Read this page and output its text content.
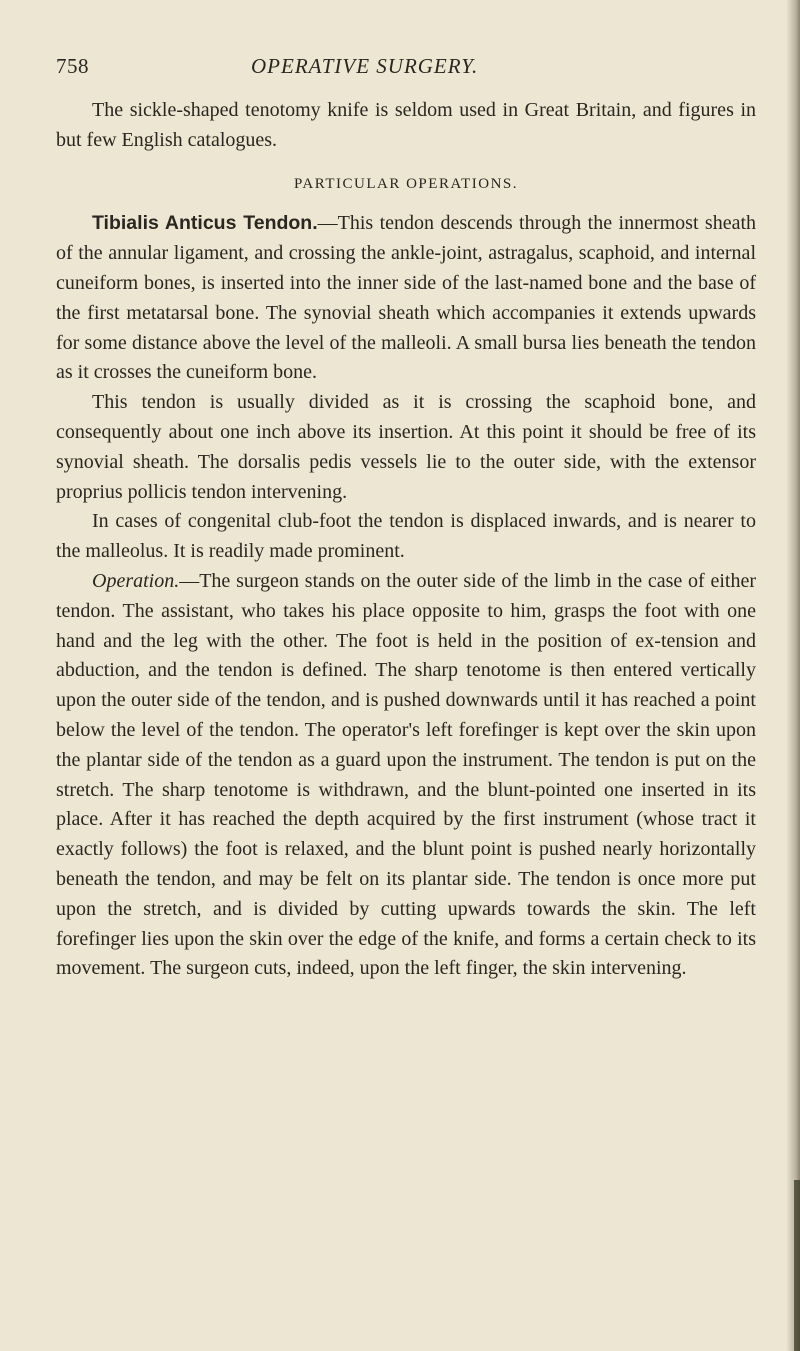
758	OPERATIVE SURGERY.

The sickle-shaped tenotomy knife is seldom used in Great Britain, and figures in but few English catalogues.

PARTICULAR OPERATIONS.

Tibialis Anticus Tendon.—This tendon descends through the innermost sheath of the annular ligament, and crossing the ankle-joint, astragalus, scaphoid, and internal cuneiform bones, is inserted into the inner side of the last-named bone and the base of the first metatarsal bone. The synovial sheath which accompanies it extends upwards for some distance above the level of the malleoli. A small bursa lies beneath the tendon as it crosses the cuneiform bone.

This tendon is usually divided as it is crossing the scaphoid bone, and consequently about one inch above its insertion. At this point it should be free of its synovial sheath. The dorsalis pedis vessels lie to the outer side, with the extensor proprius pollicis tendon intervening.

In cases of congenital club-foot the tendon is displaced inwards, and is nearer to the malleolus. It is readily made prominent.

Operation.—The surgeon stands on the outer side of the limb in the case of either tendon. The assistant, who takes his place opposite to him, grasps the foot with one hand and the leg with the other. The foot is held in the position of ex-tension and abduction, and the tendon is defined. The sharp tenotome is then entered vertically upon the outer side of the tendon, and is pushed downwards until it has reached a point below the level of the tendon. The operator's left forefinger is kept over the skin upon the plantar side of the tendon as a guard upon the instrument. The tendon is put on the stretch. The sharp tenotome is withdrawn, and the blunt-pointed one inserted in its place. After it has reached the depth acquired by the first instrument (whose tract it exactly follows) the foot is relaxed, and the blunt point is pushed nearly horizontally beneath the tendon, and may be felt on its plantar side. The tendon is once more put upon the stretch, and is divided by cutting upwards towards the skin. The left forefinger lies upon the skin over the edge of the knife, and forms a certain check to its movement. The surgeon cuts, indeed, upon the left finger, the skin intervening.
